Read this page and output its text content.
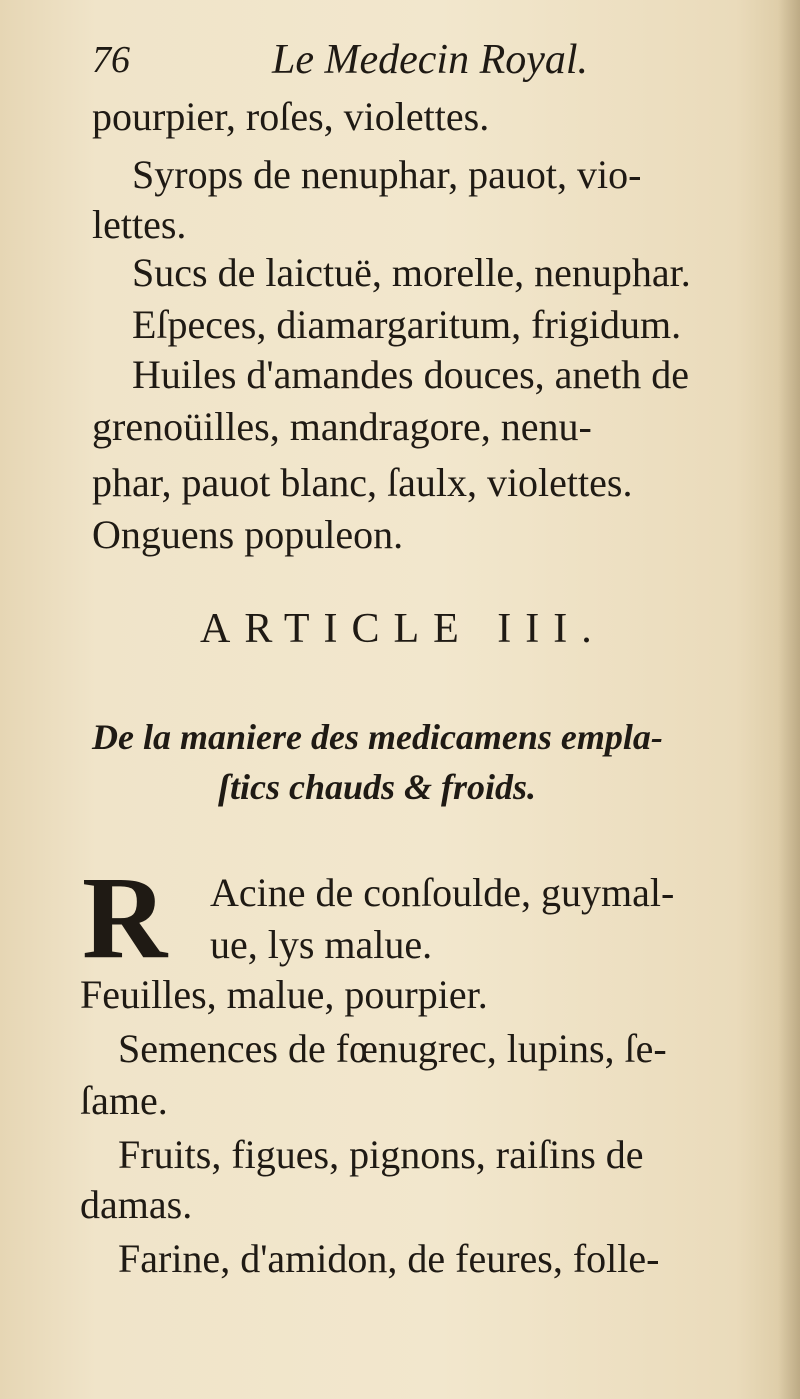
76	Le Medecin Royal.
pourpier, roſes, violettes.
Syrops de nenuphar, pauot, vio-
lettes.
Sucs de laictuë, morelle, nenuphar.
Eſpeces, diamargaritum, frigidum.
Huiles d'amandes douces, aneth de
grenoüilles, mandragore, nenu-
phar, pauot blanc, ſaulx, violettes.
Onguens populeon.
ARTICLE III.
De la maniere des medicamens empla-
ſtics chauds & froids.
R Acine de conſoulde, guymal-
ue, lys malue.
Feuilles, malue, pourpier.
Semences de fœnugrec, lupins, ſe-
ſame.
Fruits, figues, pignons, raiſins de
damas.
Farine, d'amidon, de feures, folle-
